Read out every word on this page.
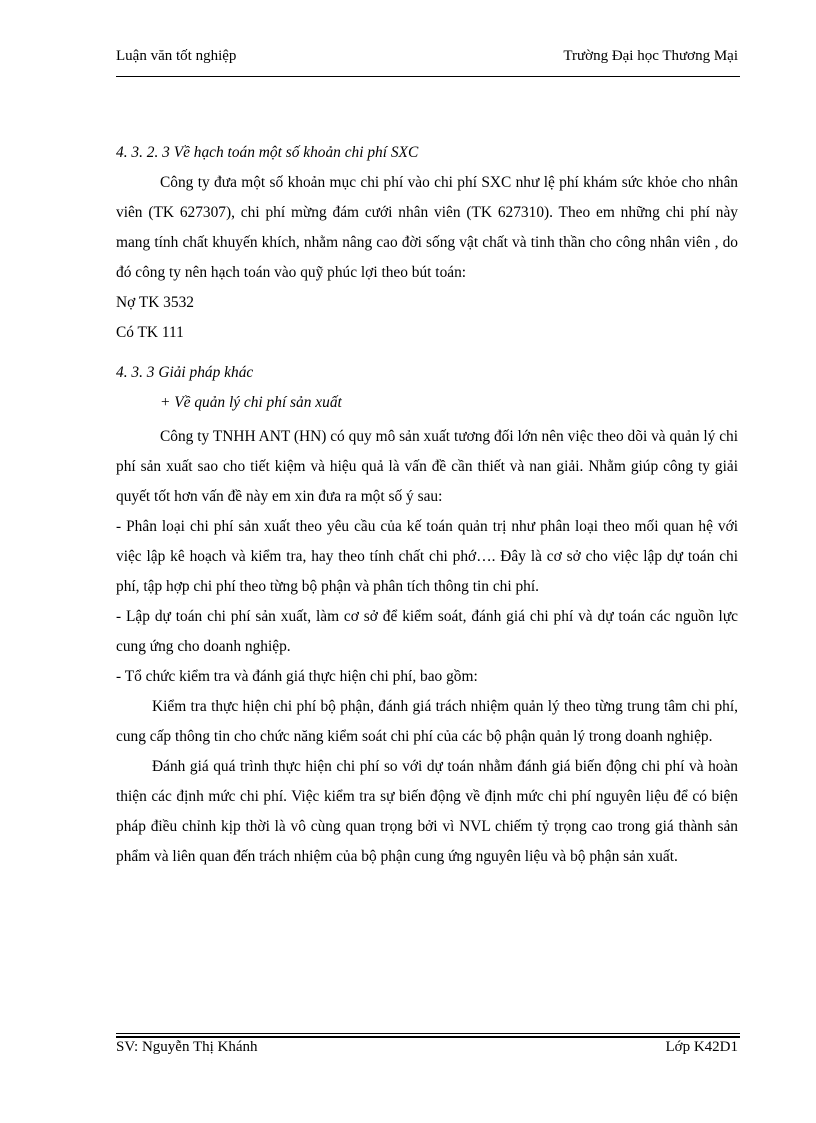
Luận văn tốt nghiệp	Trường Đại học Thương Mại

4. 3. 2. 3 Về hạch toán một số khoản chi phí SXC

Công ty đưa một số khoản mục chi phí vào chi phí SXC như lệ phí khám sức khỏe cho nhân viên (TK 627307), chi phí mừng đám cưới nhân viên (TK 627310). Theo em những chi phí này mang tính chất khuyến khích, nhằm nâng cao đời sống vật chất và tinh thần cho công nhân viên , do đó công ty nên hạch toán vào quỹ phúc lợi theo bút toán:

Nợ TK 3532

Có TK 111

4. 3. 3 Giải pháp khác

+ Về quản lý chi phí sản xuất

Công ty TNHH ANT (HN) có quy mô sản xuất tương đối lớn nên việc theo dõi và quản lý chi phí sản xuất sao cho tiết kiệm và hiệu quả là vấn đề cần thiết và nan giải. Nhằm giúp công ty giải quyết tốt hơn vấn đề này em xin đưa ra một số ý sau:

- Phân loại chi phí sản xuất theo yêu cầu của kế toán quản trị như phân loại theo mối quan hệ với việc lập kê hoạch và kiểm tra, hay theo tính chất chi phớ…. Đây là cơ sở cho việc lập dự toán chi phí, tập hợp chi phí theo từng bộ phận và phân tích thông tin chi phí.

- Lập dự toán chi phí sản xuất, làm cơ sở để kiểm soát, đánh giá chi phí và dự toán các nguồn lực cung ứng cho doanh nghiệp.

- Tổ chức kiểm tra và đánh giá thực hiện chi phí, bao gồm:

Kiểm tra thực hiện chi phí bộ phận, đánh giá trách nhiệm quản lý theo từng trung tâm chi phí, cung cấp thông tin cho chức năng kiểm soát chi phí của các bộ phận quản lý trong doanh nghiệp.

Đánh giá quá trình thực hiện chi phí so với dự toán nhằm đánh giá biến động chi phí và hoàn thiện các định mức chi phí. Việc kiểm tra sự biến động về định mức chi phí nguyên liệu để có biện pháp điều chỉnh kịp thời là vô cùng quan trọng bởi vì NVL chiếm tỷ trọng cao trong giá thành sản phẩm và liên quan đến trách nhiệm của bộ phận cung ứng nguyên liệu và bộ phận sản xuất.

SV: Nguyễn Thị Khánh	Lớp K42D1
